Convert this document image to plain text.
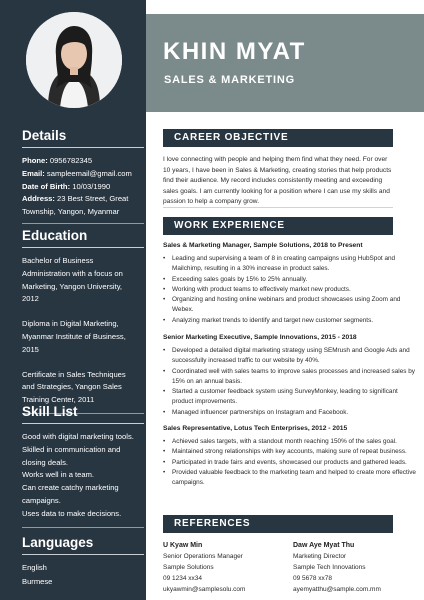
KHIN MYAT
SALES & MARKETING
Details

Phone: 0956782345

Email: sampleemail@gmail.com

Date of Birth: 10/03/1990

Address: 23 Best Street, Great Township, Yangon, Myanmar

Education

Bachelor of Business Administration with a focus on Marketing, Yangon University, 2012

Diploma in Digital Marketing, Myanmar Institute of Business, 2015

Certificate in Sales Techniques and Strategies, Yangon Sales Training Center, 2011

Skill List

Good with digital marketing tools.

Skilled in communication and closing deals.

Works well in a team.

Can create catchy marketing campaigns.

Uses data to make decisions.

Languages

English

Burmese

CAREER OBJECTIVE
I love connecting with people and helping them find what they need. For over 10 years, I have been in Sales & Marketing, creating stories that help products find their audience. My record includes consistently meeting and exceeding sales goals. I am currently looking for a position where I can use my skills and passion to help a company grow.
WORK EXPERIENCE
Sales & Marketing Manager, Sample Solutions, 2018 to Present
• Leading and supervising a team of 8 in creating campaigns using HubSpot and Mailchimp, resulting in a 30% increase in product sales.
• Exceeding sales goals by 15% to 25% annually.
• Working with product teams to effectively market new products.
• Organizing and hosting online webinars and product showcases using Zoom and Webex.
• Analyzing market trends to identify and target new customer segments.
Senior Marketing Executive, Sample Innovations, 2015 - 2018
• Developed a detailed digital marketing strategy using SEMrush and Google Ads and successfully increased traffic to our website by 40%.
• Coordinated well with sales teams to improve sales processes and increased sales by 15% on an annual basis.
• Started a customer feedback system using SurveyMonkey, leading to significant product improvements.
• Managed influencer partnerships on Instagram and Facebook.
Sales Representative, Lotus Tech Enterprises, 2012 - 2015
• Achieved sales targets, with a standout month reaching 150% of the sales goal.
• Maintained strong relationships with key accounts, making sure of repeat business.
• Participated in trade fairs and events, showcased our products and gathered leads.
• Provided valuable feedback to the marketing team and helped to create more effective campaigns.
REFERENCES
U Kyaw Min
Senior Operations Manager
Sample Solutions
09 1234 xx34
ukyawmin@samplesolu.com
Daw Aye Myat Thu
Marketing Director
Sample Tech Innovations
09 5678 xx78
ayemyatthu@sample.com.mm
